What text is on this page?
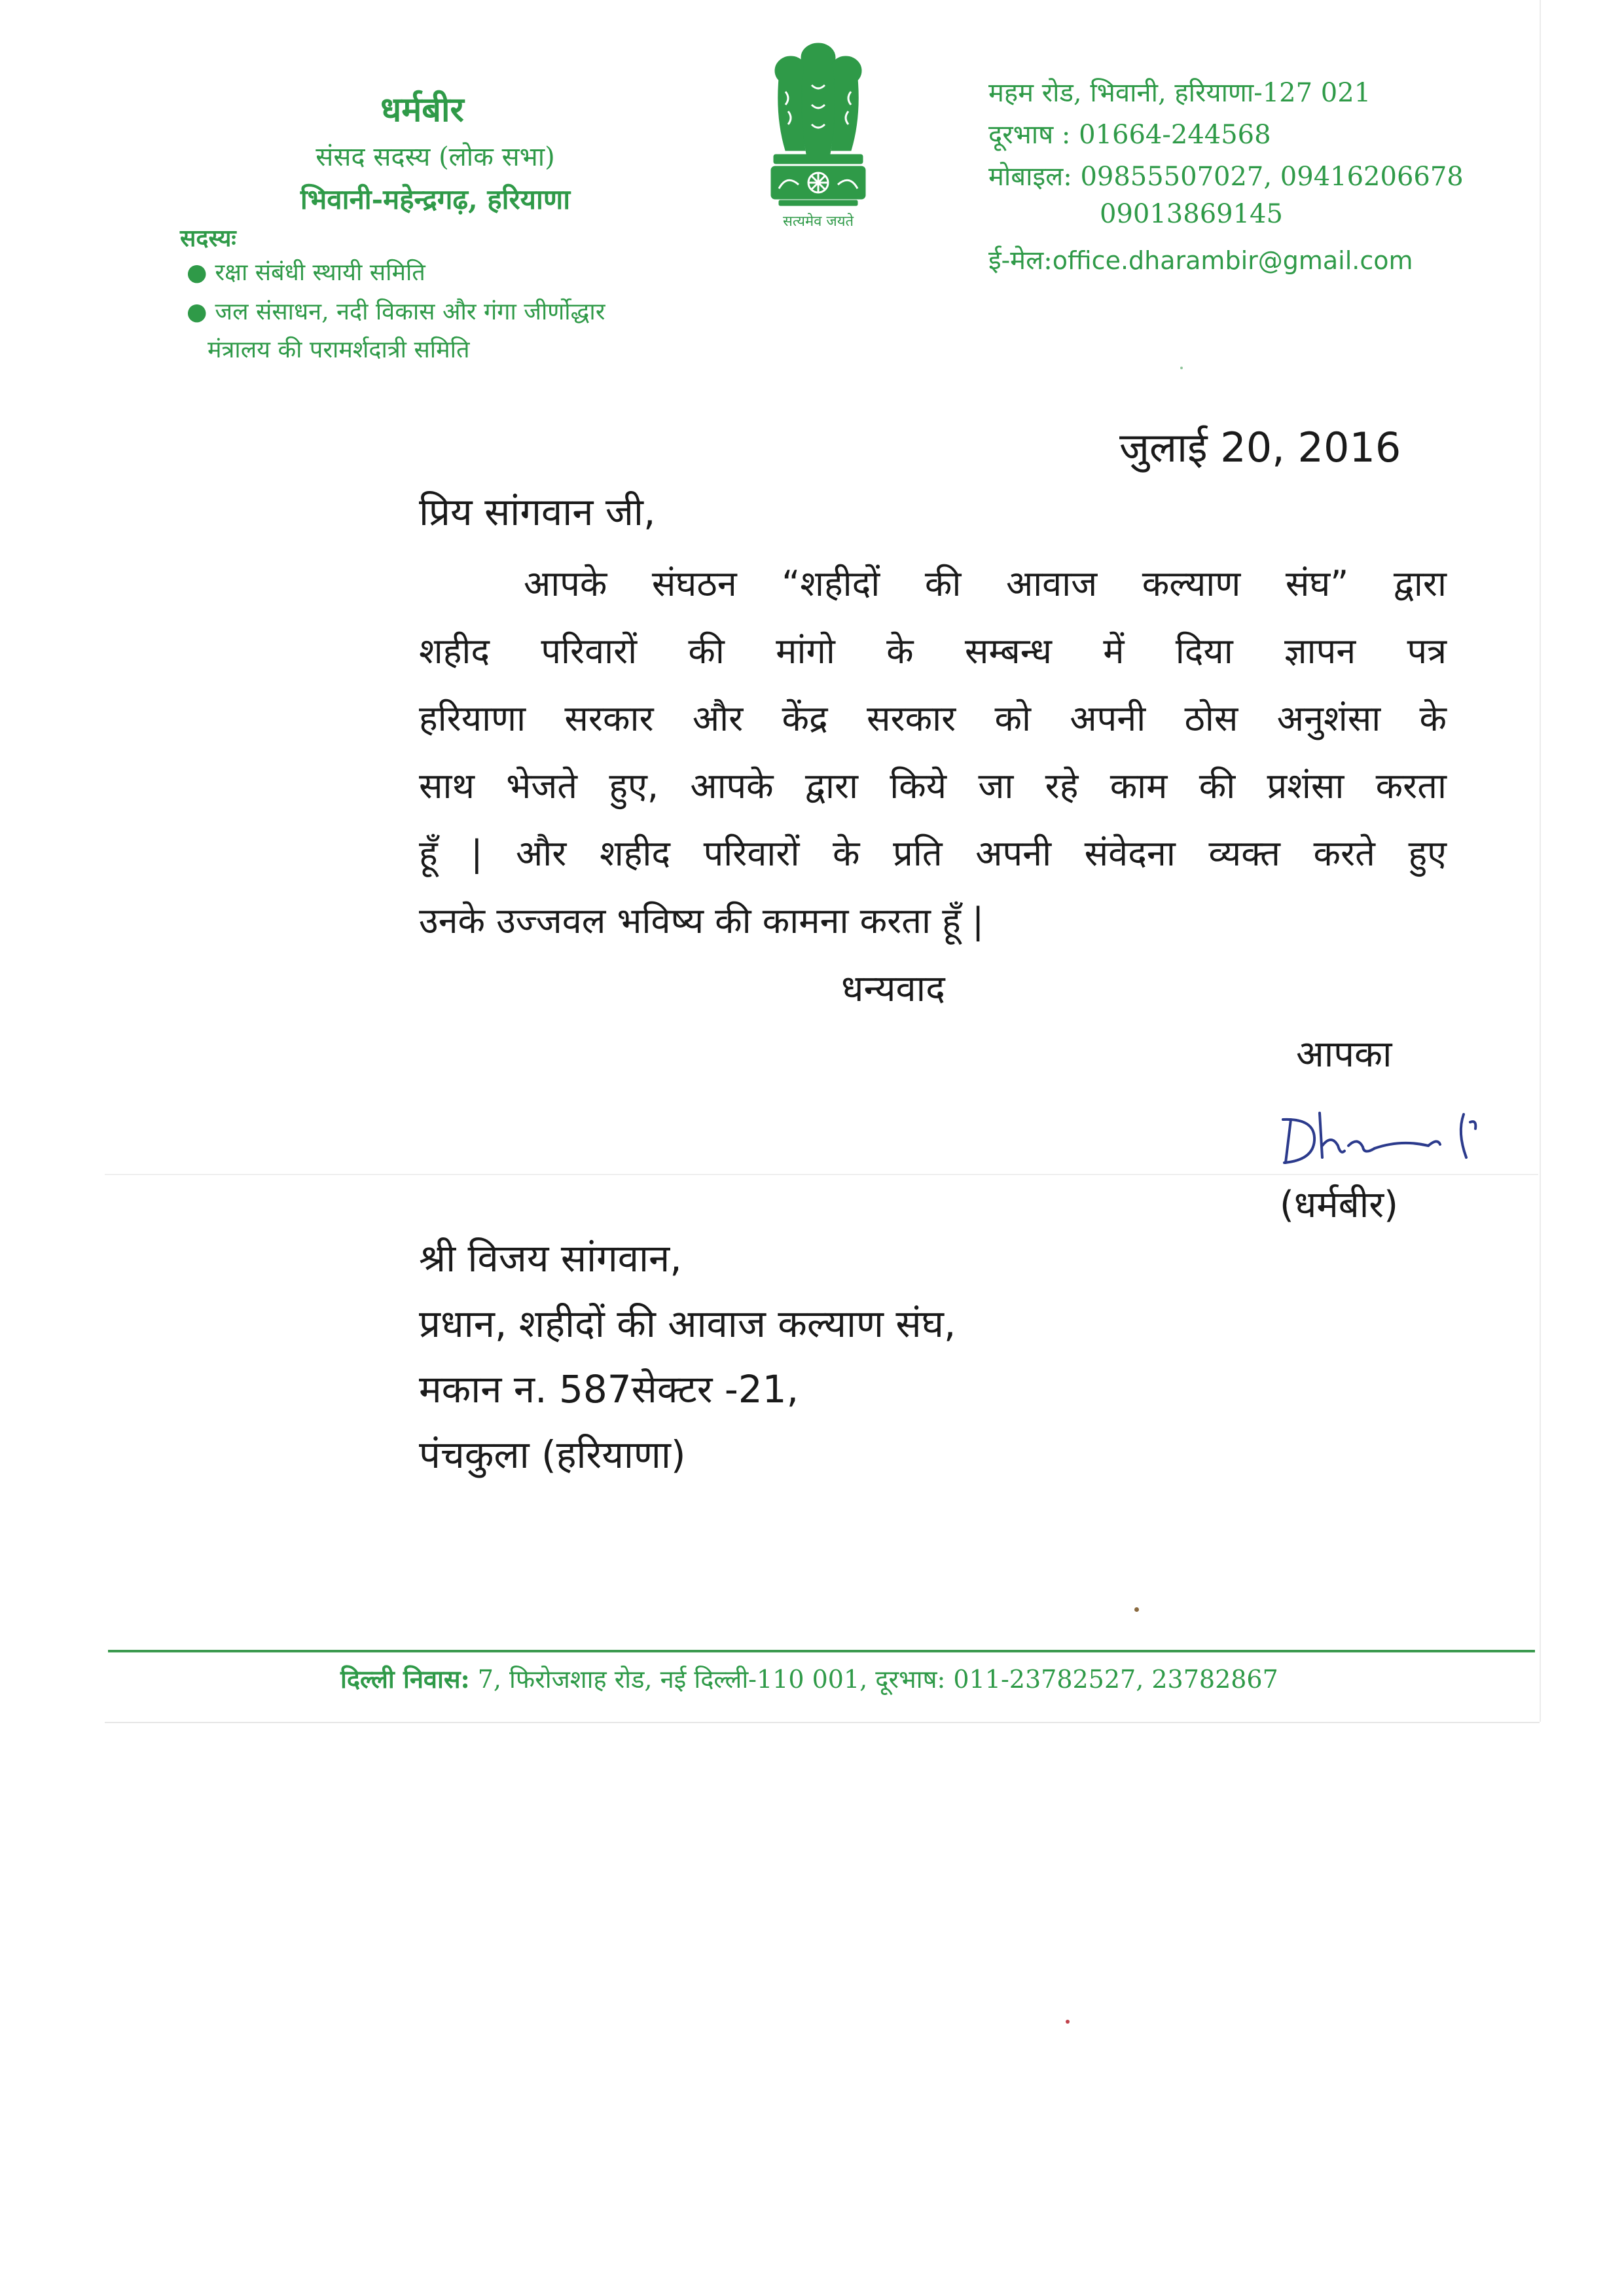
धर्मबीर
संसद सदस्य (लोक सभा)
भिवानी-महेन्द्रगढ़, हरियाणा
सदस्यः
● रक्षा संबंधी स्थायी समिति
● जल संसाधन, नदी विकास और गंगा जीर्णोद्धार
मंत्रालय की परामर्शदात्री समिति
सत्यमेव जयते
महम रोड, भिवानी, हरियाणा-127 021
दूरभाष : 01664-244568
मोबाइल: 09855507027, 09416206678
09013869145
ई-मेल:office.dharambir@gmail.com
जुलाई 20, 2016
प्रिय सांगवान जी,
आपके संघठन “शहीदों की आवाज कल्याण संघ” द्वारा
शहीद परिवारों की मांगो के सम्बन्ध में दिया ज्ञापन पत्र
हरियाणा सरकार और केंद्र सरकार को अपनी ठोस अनुशंसा के
साथ भेजते हुए, आपके द्वारा किये जा रहे काम की प्रशंसा करता
हूँ | और शहीद परिवारों के प्रति अपनी संवेदना व्यक्त करते हुए
उनके उज्जवल भविष्य की कामना करता हूँ |
धन्यवाद
आपका
(धर्मबीर)
श्री विजय सांगवान,
प्रधान, शहीदों की आवाज कल्याण संघ,
मकान न. 587सेक्टर -21,
पंचकुला (हरियाणा)
दिल्ली निवास: 7, फिरोजशाह रोड, नई दिल्ली-110 001, दूरभाष: 011-23782527, 23782867
